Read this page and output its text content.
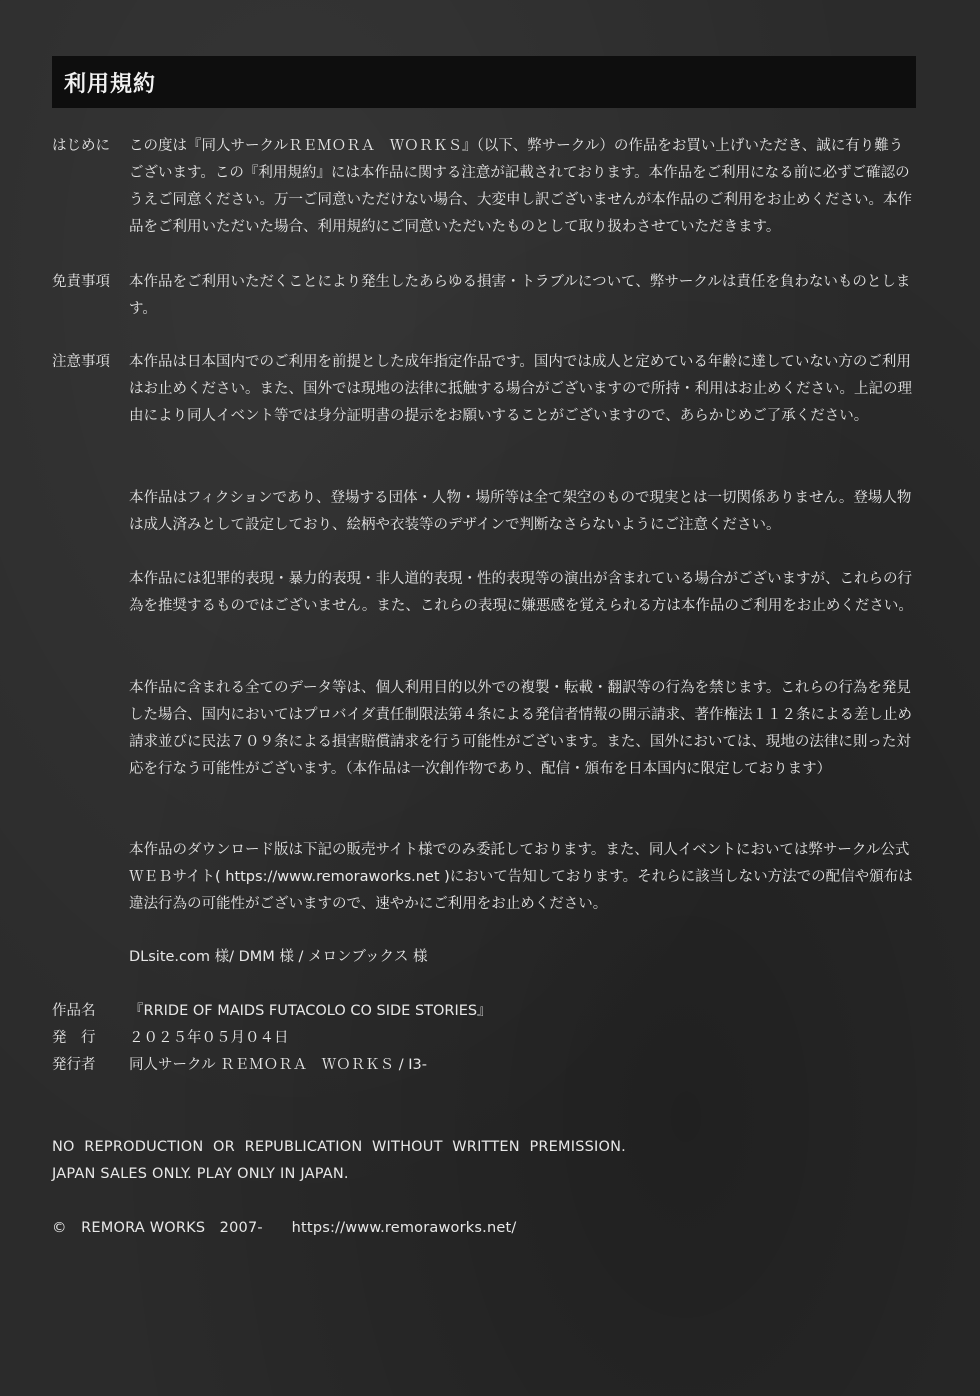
利用規約
はじめに	この度は『同人サークルＲＥＭＯＲＡ　ＷＯＲＫＳ』（以下、弊サークル）の作品をお買い上げいただき、誠に有り難うございます。この『利用規約』には本作品に関する注意が記載されております。本作品をご利用になる前に必ずご確認のうえご同意ください。万一ご同意いただけない場合、大変申し訳ございませんが本作品のご利用をお止めください。本作品をご利用いただいた場合、利用規約にご同意いただいたものとして取り扱わさせていただきます。
免責事項	本作品をご利用いただくことにより発生したあらゆる損害・トラブルについて、弊サークルは責任を負わないものとします。
注意事項	本作品は日本国内でのご利用を前提とした成年指定作品です。国内では成人と定めている年齢に達していない方のご利用はお止めください。また、国外では現地の法律に抵触する場合がございますので所持・利用はお止めください。上記の理由により同人イベント等では身分証明書の提示をお願いすることがございますので、あらかじめご了承ください。
本作品はフィクションであり、登場する団体・人物・場所等は全て架空のもので現実とは一切関係ありません。登場人物は成人済みとして設定しており、絵柄や衣装等のデザインで判断なさらないようにご注意ください。
本作品には犯罪的表現・暴力的表現・非人道的表現・性的表現等の演出が含まれている場合がございますが、これらの行為を推奨するものではございません。また、これらの表現に嫌悪感を覚えられる方は本作品のご利用をお止めください。
本作品に含まれる全てのデータ等は、個人利用目的以外での複製・転載・翻訳等の行為を禁じます。これらの行為を発見した場合、国内においてはプロバイダ責任制限法第４条による発信者情報の開示請求、著作権法１１２条による差し止め請求並びに民法７０９条による損害賠償請求を行う可能性がございます。また、国外においては、現地の法律に則った対応を行なう可能性がございます。（本作品は一次創作物であり、配信・頒布を日本国内に限定しております）
本作品のダウンロード版は下記の販売サイト様でのみ委託しております。また、同人イベントにおいては弊サークル公式ＷＥＢサイト( https://www.remoraworks.net )において告知しております。それらに該当しない方法での配信や頒布は違法行為の可能性がございますので、速やかにご利用をお止めください。
DLsite.com 様/ DMM 様 / メロンブックス 様
作品名	『RRIDE OF MAIDS FUTACOLO CO SIDE STORIES』
発　行	２０２５年０５月０４日
発行者	同人サークル ＲＥＭＯＲＡ　ＷＯＲＫＳ / I3-
NO  REPRODUCTION  OR  REPUBLICATION  WITHOUT  WRITTEN  PREMISSION.
JAPAN SALES ONLY. PLAY ONLY IN JAPAN.
©   REMORA WORKS   2007-      https://www.remoraworks.net/
